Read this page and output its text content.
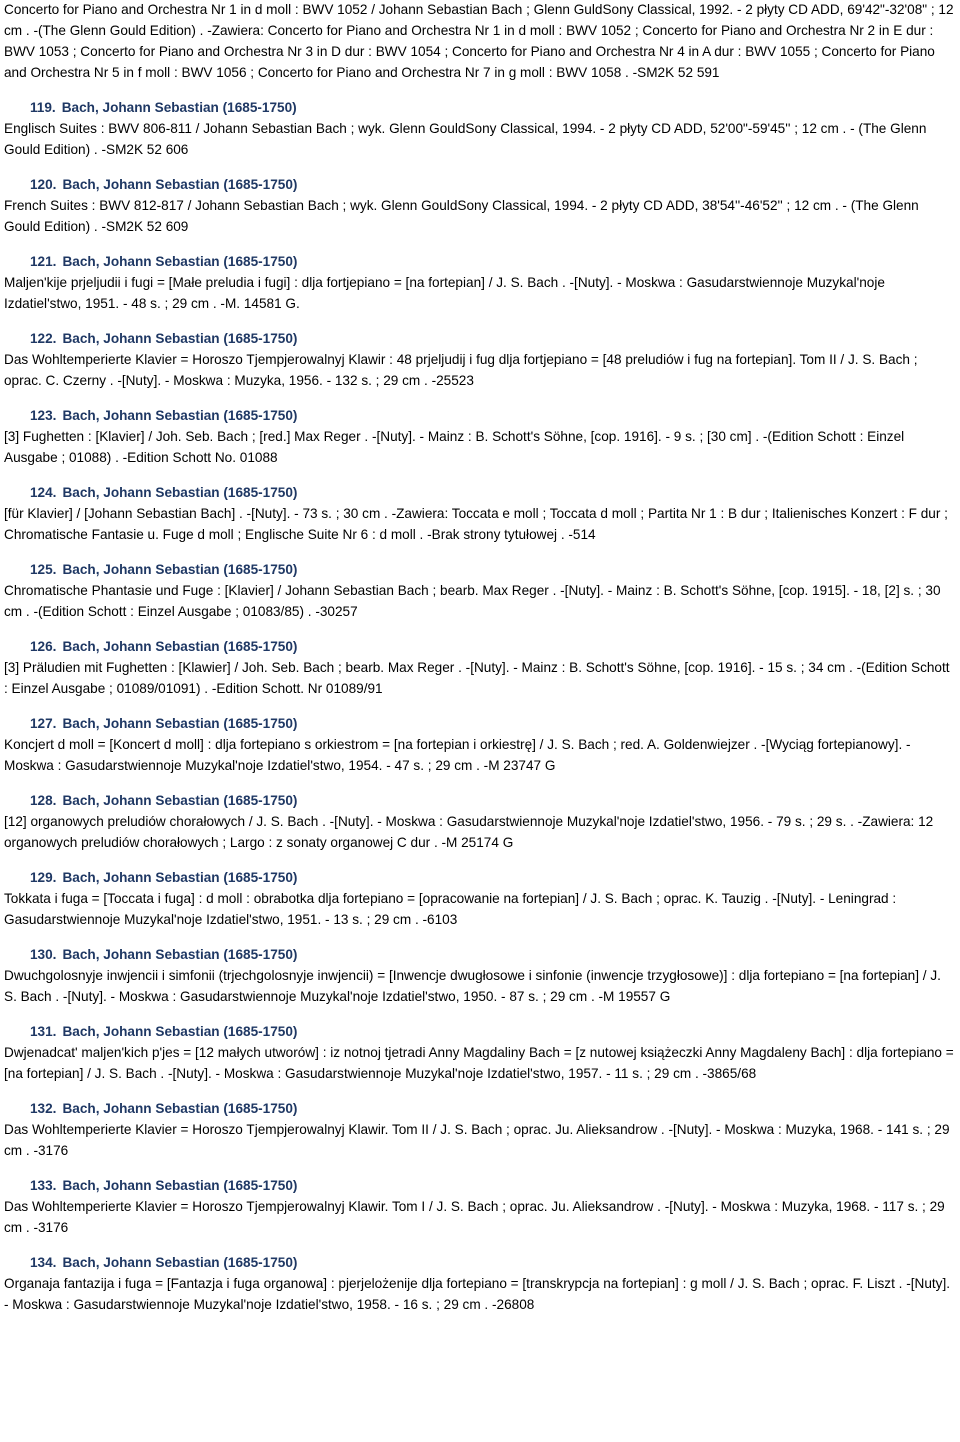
Concerto for Piano and Orchestra Nr 1 in d moll : BWV 1052 / Johann Sebastian Bach ; Glenn GuldSony Classical, 1992. - 2 płyty CD ADD, 69'42"-32'08" ; 12 cm . -(The Glenn Gould Edition) . -Zawiera: Concerto for Piano and Orchestra Nr 1 in d moll : BWV 1052 ; Concerto for Piano and Orchestra Nr 2 in E dur : BWV 1053 ; Concerto for Piano and Orchestra Nr 3 in D dur : BWV 1054 ; Concerto for Piano and Orchestra Nr 4 in A dur : BWV 1055 ; Concerto for Piano and Orchestra Nr 5 in f moll : BWV 1056 ; Concerto for Piano and Orchestra Nr 7 in g moll : BWV 1058 . -SM2K 52 591

119. Bach, Johann Sebastian (1685-1750)
Englisch Suites : BWV 806-811 / Johann Sebastian Bach ; wyk. Glenn GouldSony Classical, 1994. - 2 płyty CD ADD, 52'00"-59'45'' ; 12 cm . - (The Glenn Gould Edition) . -SM2K 52 606
120. Bach, Johann Sebastian (1685-1750)
French Suites : BWV 812-817 / Johann Sebastian Bach ; wyk. Glenn GouldSony Classical, 1994. - 2 płyty CD ADD, 38'54''-46'52'' ; 12 cm . - (The Glenn Gould Edition) . -SM2K 52 609
121. Bach, Johann Sebastian (1685-1750)
Maljen'kije prjeljudii i fugi = [Małe preludia i fugi] : dlja fortjepiano = [na fortepian] / J. S. Bach . -[Nuty]. - Moskwa : Gasudarstwiennoje Muzykal'noje Izdatiel'stwo, 1951. - 48 s. ; 29 cm . -M. 14581 G.
122. Bach, Johann Sebastian (1685-1750)
Das Wohltemperierte Klavier = Horoszo Tjempjerowalnyj Klawir : 48 prjeljudij i fug dlja fortjepiano = [48 preludiów i fug na fortepian]. Tom II / J. S. Bach ; oprac. C. Czerny . -[Nuty]. - Moskwa : Muzyka, 1956. - 132 s. ; 29 cm . -25523
123. Bach, Johann Sebastian (1685-1750)
[3] Fughetten : [Klavier] / Joh. Seb. Bach ; [red.] Max Reger . -[Nuty]. - Mainz : B. Schott's Söhne, [cop. 1916]. - 9 s. ; [30 cm] . -(Edition Schott : Einzel Ausgabe ; 01088) . -Edition Schott No. 01088
124. Bach, Johann Sebastian (1685-1750)
[für Klavier] / [Johann Sebastian Bach] . -[Nuty]. - 73 s. ; 30 cm . -Zawiera: Toccata e moll ; Toccata d moll ; Partita Nr 1 : B dur ; Italienisches Konzert : F dur ; Chromatische Fantasie u. Fuge d moll ; Englische Suite Nr 6 : d moll . -Brak strony tytułowej . -514
125. Bach, Johann Sebastian (1685-1750)
Chromatische Phantasie und Fuge : [Klavier] / Johann Sebastian Bach ; bearb. Max Reger . -[Nuty]. - Mainz : B. Schott's Söhne, [cop. 1915]. - 18, [2] s. ; 30 cm . -(Edition Schott : Einzel Ausgabe ; 01083/85) . -30257
126. Bach, Johann Sebastian (1685-1750)
[3] Präludien mit Fughetten : [Klawier] / Joh. Seb. Bach ; bearb. Max Reger . -[Nuty]. - Mainz : B. Schott's Söhne, [cop. 1916]. - 15 s. ; 34 cm . -(Edition Schott : Einzel Ausgabe ; 01089/01091) . -Edition Schott. Nr 01089/91
127. Bach, Johann Sebastian (1685-1750)
Koncjert d moll = [Koncert d moll] : dlja fortepiano s orkiestrom = [na fortepian i orkiestrę] / J. S. Bach ; red. A. Goldenwiejzer . -[Wyciąg fortepianowy]. - Moskwa : Gasudarstwiennoje Muzykal'noje Izdatiel'stwo, 1954. - 47 s. ; 29 cm . -M 23747 G
128. Bach, Johann Sebastian (1685-1750)
[12] organowych preludiów chorałowych / J. S. Bach . -[Nuty]. - Moskwa : Gasudarstwiennoje Muzykal'noje Izdatiel'stwo, 1956. - 79 s. ; 29 s. . -Zawiera: 12 organowych preludiów chorałowych ; Largo : z sonaty organowej C dur . -M 25174 G
129. Bach, Johann Sebastian (1685-1750)
Tokkata i fuga = [Toccata i fuga] : d moll : obrabotka dlja fortepiano = [opracowanie na fortepian] / J. S. Bach ; oprac. K. Tauzig . -[Nuty]. - Leningrad : Gasudarstwiennoje Muzykal'noje Izdatiel'stwo, 1951. - 13 s. ; 29 cm . -6103
130. Bach, Johann Sebastian (1685-1750)
Dwuchgolosnyje inwjencii i simfonii (trjechgolosnyje inwjencii) = [Inwencje dwugłosowe i sinfonie (inwencje trzygłosowe)] : dlja fortepiano = [na fortepian] / J. S. Bach . -[Nuty]. - Moskwa : Gasudarstwiennoje Muzykal'noje Izdatiel'stwo, 1950. - 87 s. ; 29 cm . -M 19557 G
131. Bach, Johann Sebastian (1685-1750)
Dwjenadcat' maljen'kich p'jes = [12 małych utworów] : iz notnoj tjetradi Anny Magdaliny Bach = [z nutowej książeczki Anny Magdaleny Bach] : dlja fortepiano = [na fortepian] / J. S. Bach . -[Nuty]. - Moskwa : Gasudarstwiennoje Muzykal'noje Izdatiel'stwo, 1957. - 11 s. ; 29 cm . -3865/68
132. Bach, Johann Sebastian (1685-1750)
Das Wohltemperierte Klavier = Horoszo Tjempjerowalnyj Klawir. Tom II / J. S. Bach ; oprac. Ju. Alieksandrow . -[Nuty]. - Moskwa : Muzyka, 1968. - 141 s. ; 29 cm . -3176
133. Bach, Johann Sebastian (1685-1750)
Das Wohltemperierte Klavier = Horoszo Tjempjerowalnyj Klawir. Tom I / J. S. Bach ; oprac. Ju. Alieksandrow . -[Nuty]. - Moskwa : Muzyka, 1968. - 117 s. ; 29 cm . -3176
134. Bach, Johann Sebastian (1685-1750)
Organaja fantazija i fuga = [Fantazja i fuga organowa] : pjerjelożenije dlja fortepiano = [transkrypcja na fortepian] : g moll / J. S. Bach ; oprac. F. Liszt . -[Nuty]. - Moskwa : Gasudarstwiennoje Muzykal'noje Izdatiel'stwo, 1958. - 16 s. ; 29 cm . -26808
